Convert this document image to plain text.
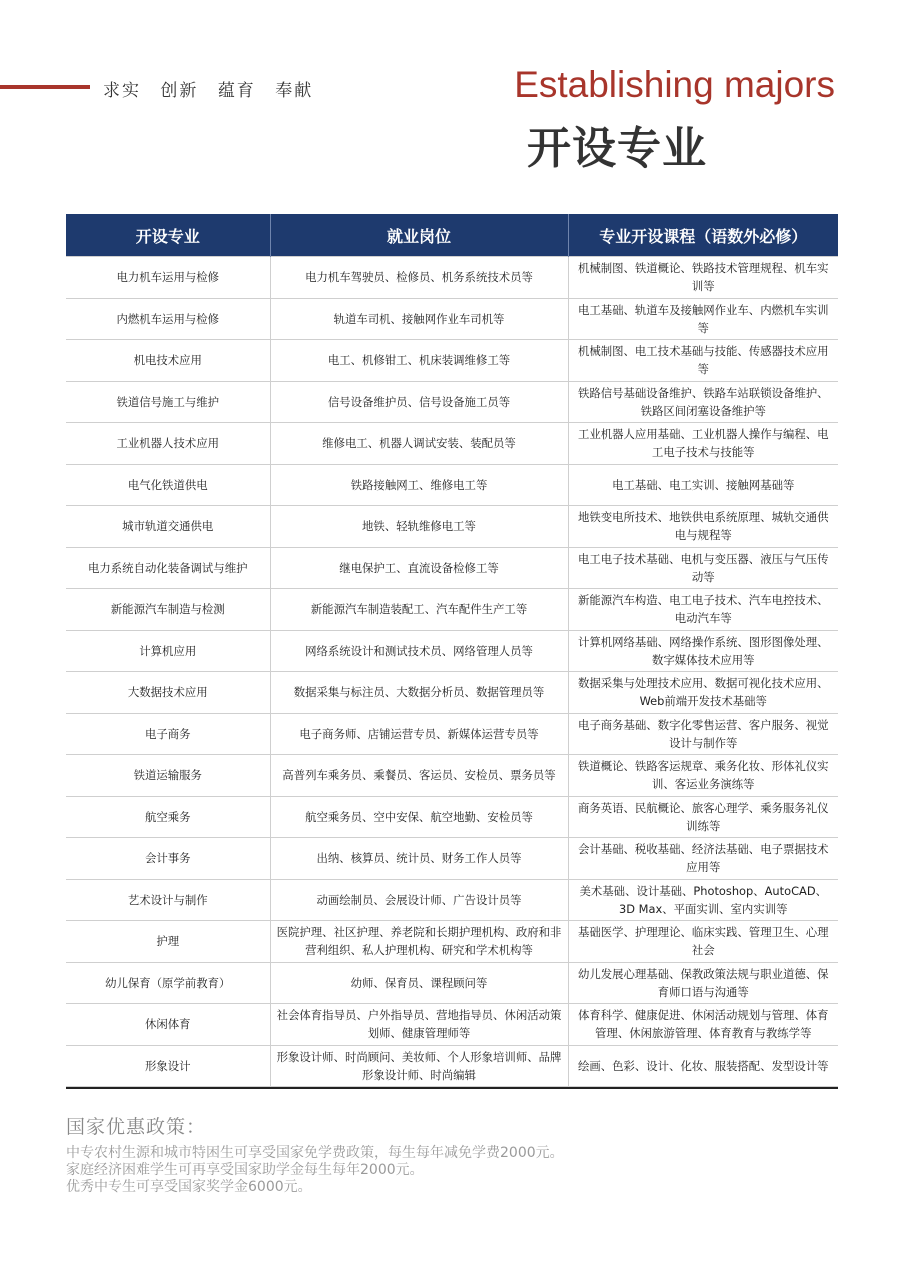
求实 创新 蕴育 奉献	Establishing majors
开设专业
开设专业	就业岗位	专业开设课程（语数外必修）
电力机车运用与检修	电力机车驾驶员、检修员、机务系统技术员等	机械制图、铁道概论、铁路技术管理规程、机车实训等
内燃机车运用与检修	轨道车司机、接触网作业车司机等	电工基础、轨道车及接触网作业车、内燃机车实训等
机电技术应用	电工、机修钳工、机床装调维修工等	机械制图、电工技术基础与技能、传感器技术应用等
铁道信号施工与维护	信号设备维护员、信号设备施工员等	铁路信号基础设备维护、铁路车站联锁设备维护、铁路区间闭塞设备维护等
工业机器人技术应用	维修电工、机器人调试安装、装配员等	工业机器人应用基础、工业机器人操作与编程、电工电子技术与技能等
电气化铁道供电	铁路接触网工、维修电工等	电工基础、电工实训、接触网基础等
城市轨道交通供电	地铁、轻轨维修电工等	地铁变电所技术、地铁供电系统原理、城轨交通供电与规程等
电力系统自动化装备调试与维护	继电保护工、直流设备检修工等	电工电子技术基础、电机与变压器、液压与气压传动等
新能源汽车制造与检测	新能源汽车制造装配工、汽车配件生产工等	新能源汽车构造、电工电子技术、汽车电控技术、电动汽车等
计算机应用	网络系统设计和测试技术员、网络管理人员等	计算机网络基础、网络操作系统、图形图像处理、数字媒体技术应用等
大数据技术应用	数据采集与标注员、大数据分析员、数据管理员等	数据采集与处理技术应用、数据可视化技术应用、Web前端开发技术基础等
电子商务	电子商务师、店铺运营专员、新媒体运营专员等	电子商务基础、数字化零售运营、客户服务、视觉设计与制作等
铁道运输服务	高普列车乘务员、乘餐员、客运员、安检员、票务员等	铁道概论、铁路客运规章、乘务化妆、形体礼仪实训、客运业务演练等
航空乘务	航空乘务员、空中安保、航空地勤、安检员等	商务英语、民航概论、旅客心理学、乘务服务礼仪训练等
会计事务	出纳、核算员、统计员、财务工作人员等	会计基础、税收基础、经济法基础、电子票据技术应用等
艺术设计与制作	动画绘制员、会展设计师、广告设计员等	美术基础、设计基础、Photoshop、AutoCAD、3D Max、平面实训、室内实训等
护理	医院护理、社区护理、养老院和长期护理机构、政府和非营利组织、私人护理机构、研究和学术机构等	基础医学、护理理论、临床实践、管理卫生、心理社会
幼儿保育（原学前教育）	幼师、保育员、课程顾问等	幼儿发展心理基础、保教政策法规与职业道德、保育师口语与沟通等
休闲体育	社会体育指导员、户外指导员、营地指导员、休闲活动策划师、健康管理师等	体育科学、健康促进、休闲活动规划与管理、体育管理、休闲旅游管理、体育教育与教练学等
形象设计	形象设计师、时尚顾问、美妆师、个人形象培训师、品牌形象设计师、时尚编辑	绘画、色彩、设计、化妆、服装搭配、发型设计等
国家优惠政策：
中专农村生源和城市特困生可享受国家免学费政策，每生每年减免学费2000元。
家庭经济困难学生可再享受国家助学金每生每年2000元。
优秀中专生可享受国家奖学金6000元。
